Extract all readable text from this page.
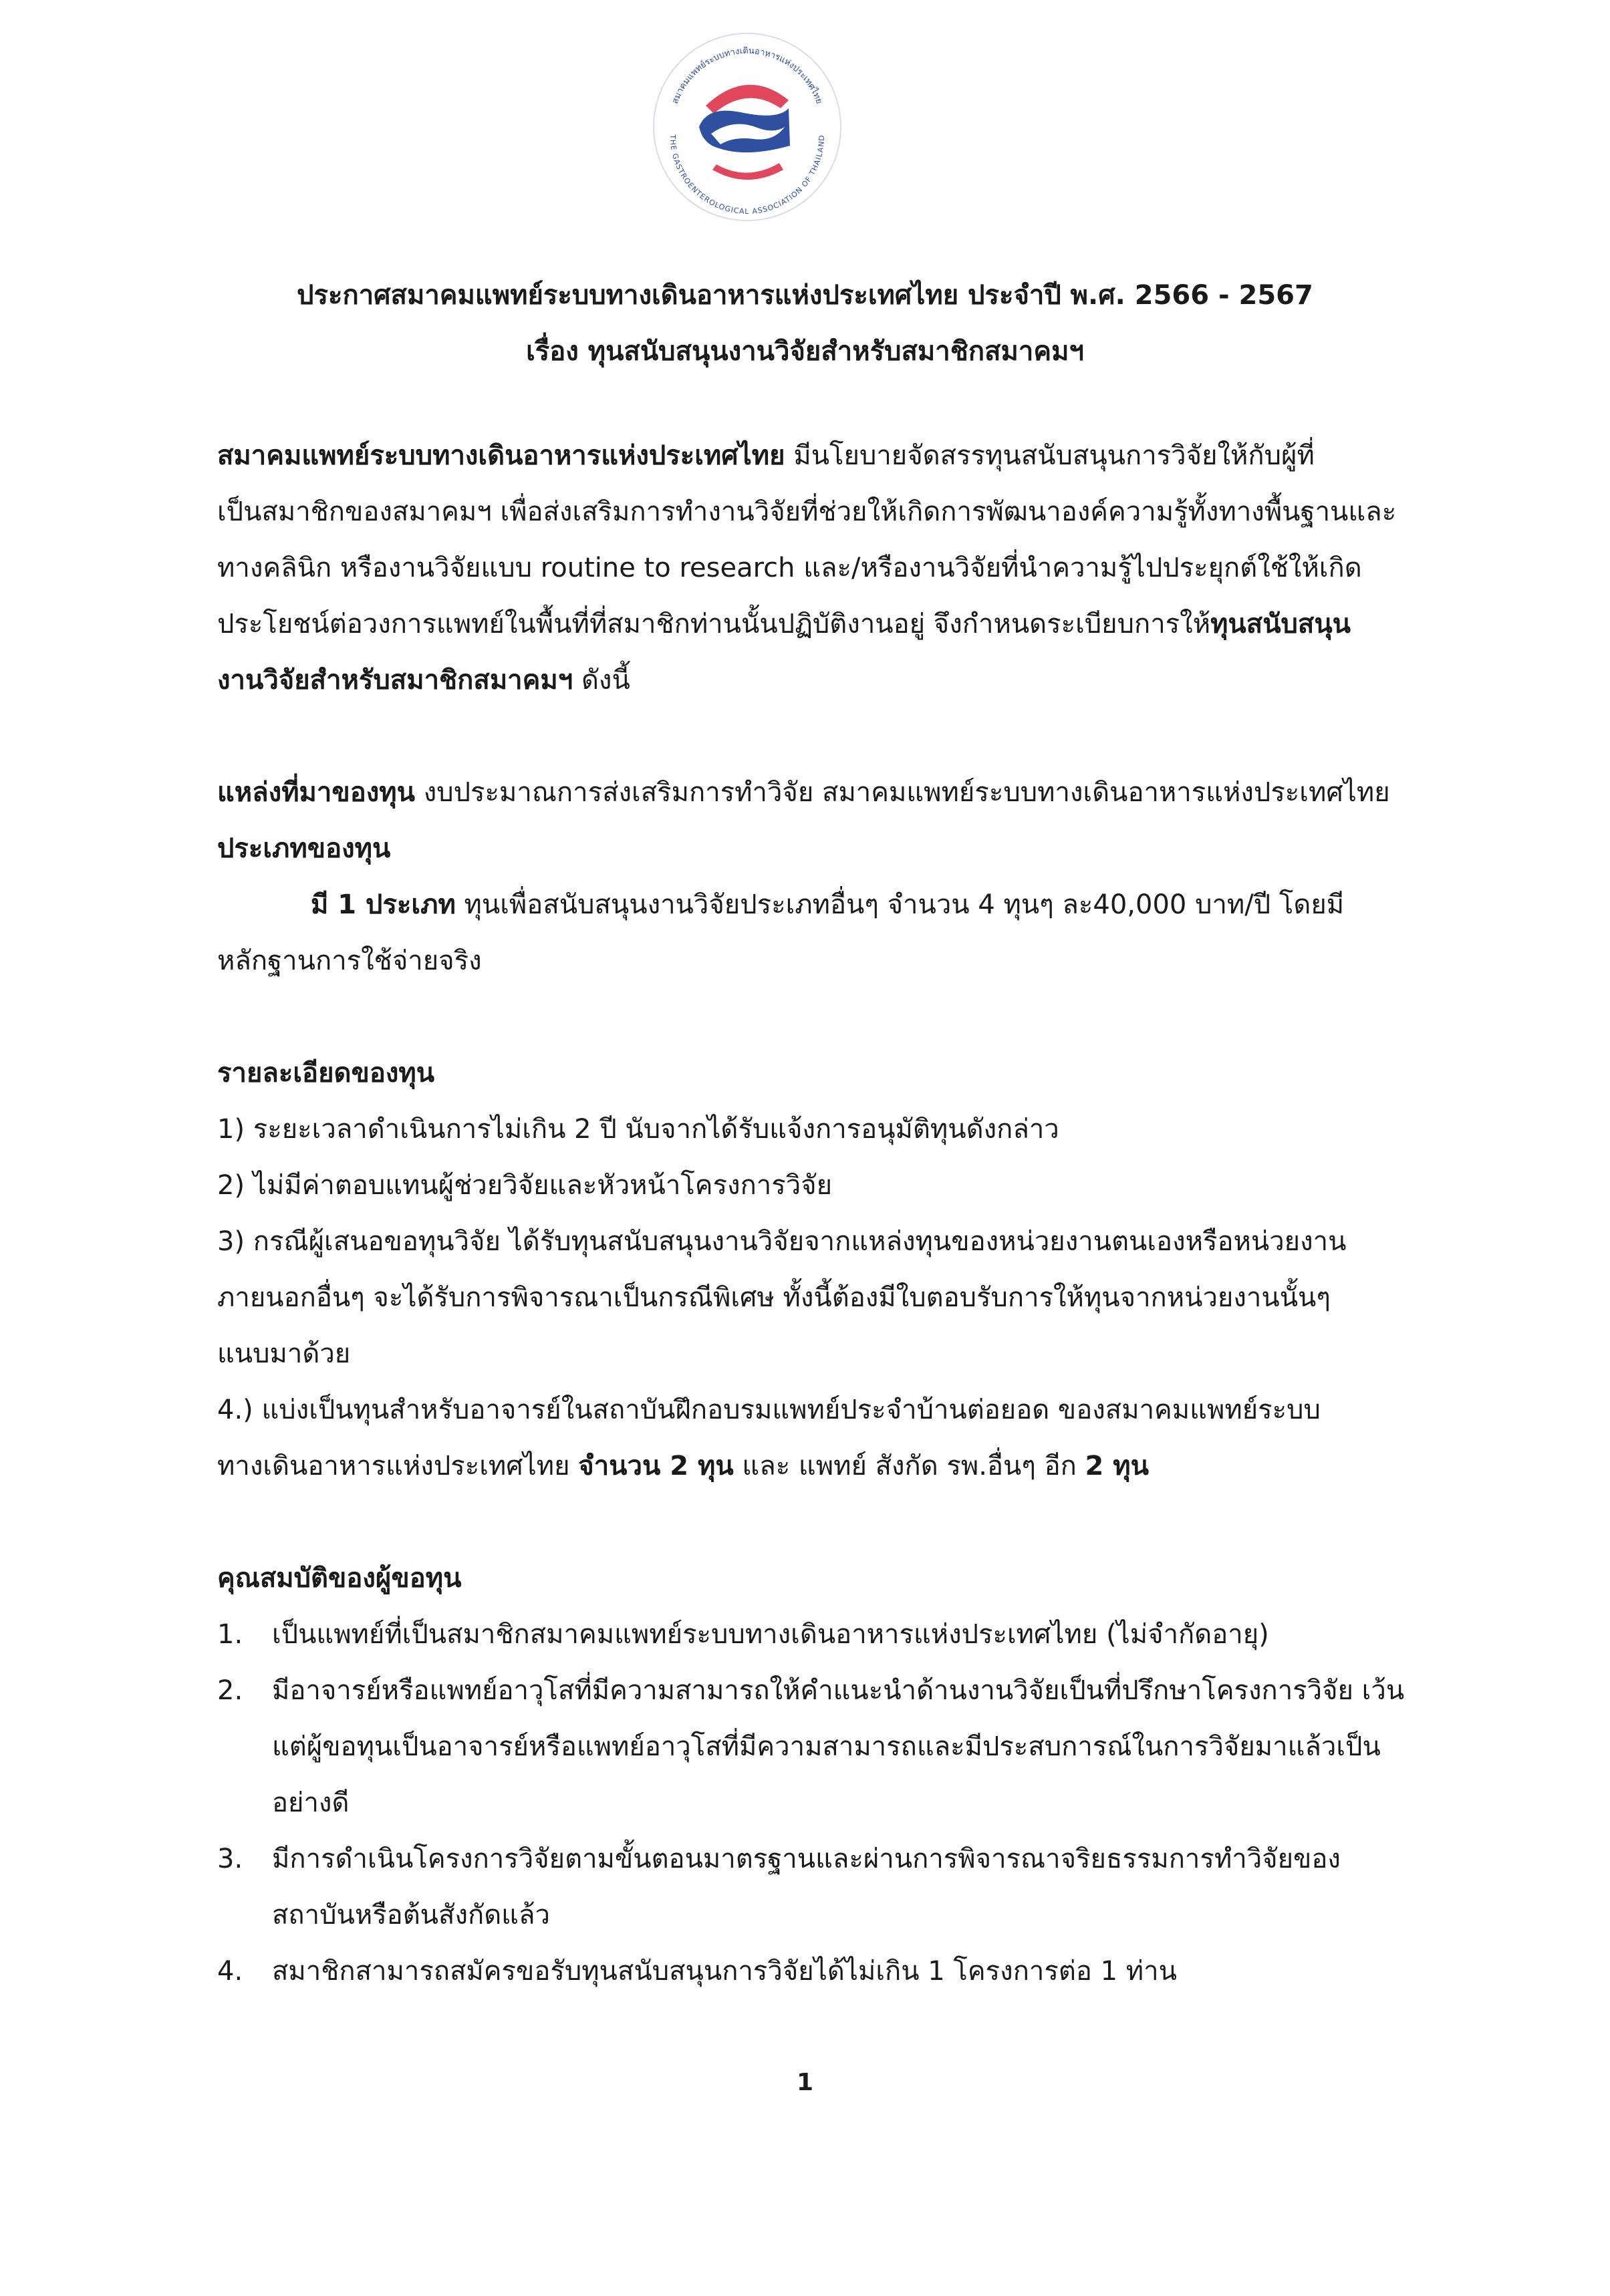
สมาคมแพทย์ระบบทางเดินอาหารแห่งประเทศไทย
THE GASTROENTEROLOGICAL ASSOCIATION OF THAILAND
ประกาศสมาคมแพทย์ระบบทางเดินอาหารแห่งประเทศไทย ประจำปี พ.ศ. 2566 - 2567
เรื่อง ทุนสนับสนุนงานวิจัยสำหรับสมาชิกสมาคมฯ
สมาคมแพทย์ระบบทางเดินอาหารแห่งประเทศไทย มีนโยบายจัดสรรทุนสนับสนุนการวิจัยให้กับผู้ที่
เป็นสมาชิกของสมาคมฯ เพื่อส่งเสริมการทำงานวิจัยที่ช่วยให้เกิดการพัฒนาองค์ความรู้ทั้งทางพื้นฐานและ
ทางคลินิก หรืองานวิจัยแบบ routine to research และ/หรืองานวิจัยที่นำความรู้ไปประยุกต์ใช้ให้เกิด
ประโยชน์ต่อวงการแพทย์ในพื้นที่ที่สมาชิกท่านนั้นปฏิบัติงานอยู่ จึงกำหนดระเบียบการให้ทุนสนับสนุน
งานวิจัยสำหรับสมาชิกสมาคมฯ ดังนี้
แหล่งที่มาของทุน งบประมาณการส่งเสริมการทำวิจัย สมาคมแพทย์ระบบทางเดินอาหารแห่งประเทศไทย
ประเภทของทุน
มี 1 ประเภท ทุนเพื่อสนับสนุนงานวิจัยประเภทอื่นๆ จำนวน 4 ทุนๆ ละ40,000 บาท/ปี โดยมี
หลักฐานการใช้จ่ายจริง
รายละเอียดของทุน
1) ระยะเวลาดำเนินการไม่เกิน 2 ปี นับจากได้รับแจ้งการอนุมัติทุนดังกล่าว
2) ไม่มีค่าตอบแทนผู้ช่วยวิจัยและหัวหน้าโครงการวิจัย
3) กรณีผู้เสนอขอทุนวิจัย ได้รับทุนสนับสนุนงานวิจัยจากแหล่งทุนของหน่วยงานตนเองหรือหน่วยงาน
ภายนอกอื่นๆ จะได้รับการพิจารณาเป็นกรณีพิเศษ ทั้งนี้ต้องมีใบตอบรับการให้ทุนจากหน่วยงานนั้นๆ
แนบมาด้วย
4.) แบ่งเป็นทุนสำหรับอาจารย์ในสถาบันฝึกอบรมแพทย์ประจำบ้านต่อยอด ของสมาคมแพทย์ระบบ
ทางเดินอาหารแห่งประเทศไทย จำนวน 2 ทุน และ แพทย์ สังกัด รพ.อื่นๆ อีก 2 ทุน
คุณสมบัติของผู้ขอทุน
1. เป็นแพทย์ที่เป็นสมาชิกสมาคมแพทย์ระบบทางเดินอาหารแห่งประเทศไทย (ไม่จำกัดอายุ)
2. มีอาจารย์หรือแพทย์อาวุโสที่มีความสามารถให้คำแนะนำด้านงานวิจัยเป็นที่ปรึกษาโครงการวิจัย เว้น
แต่ผู้ขอทุนเป็นอาจารย์หรือแพทย์อาวุโสที่มีความสามารถและมีประสบการณ์ในการวิจัยมาแล้วเป็น
อย่างดี
3. มีการดำเนินโครงการวิจัยตามขั้นตอนมาตรฐานและผ่านการพิจารณาจริยธรรมการทำวิจัยของ
สถาบันหรือต้นสังกัดแล้ว
4. สมาชิกสามารถสมัครขอรับทุนสนับสนุนการวิจัยได้ไม่เกิน 1 โครงการต่อ 1 ท่าน
1
